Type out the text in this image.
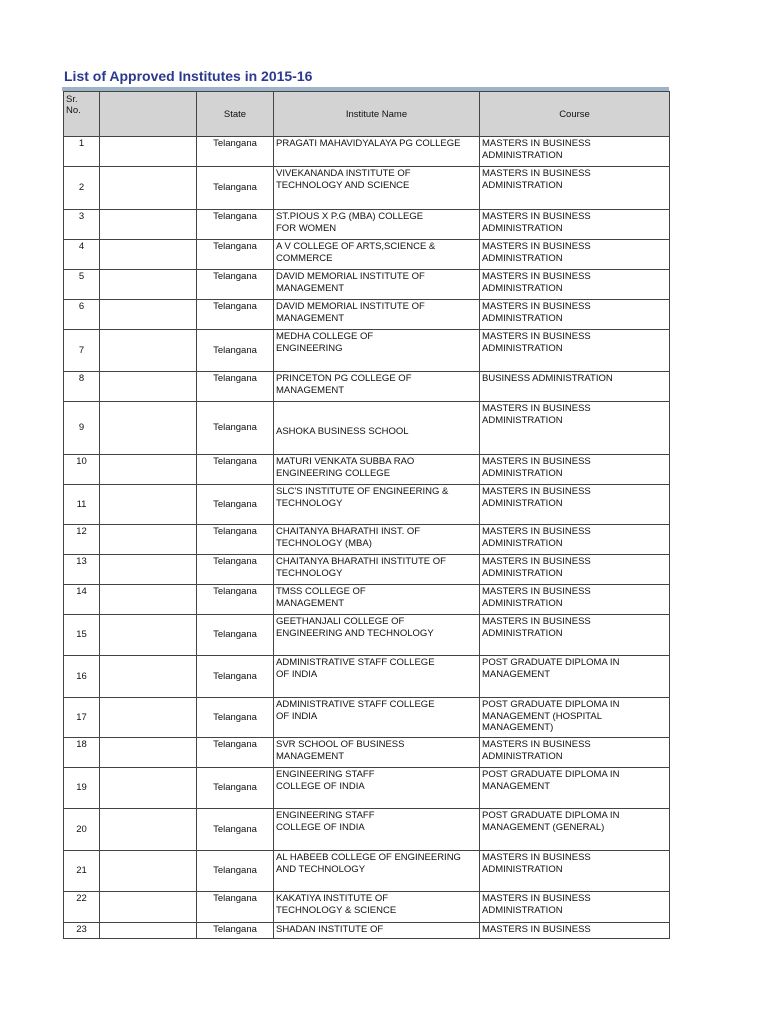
List of Approved Institutes in 2015-16
Sr.
No.		State	Institute Name	Course
1		Telangana	PRAGATI MAHAVIDYALAYA PG COLLEGE	MASTERS IN BUSINESS
ADMINISTRATION
2		Telangana	VIVEKANANDA INSTITUTE OF
TECHNOLOGY AND SCIENCE	MASTERS IN BUSINESS
ADMINISTRATION
3		Telangana	ST.PIOUS X P.G (MBA) COLLEGE
FOR WOMEN	MASTERS IN BUSINESS
ADMINISTRATION
4		Telangana	A V COLLEGE OF ARTS,SCIENCE &
COMMERCE	MASTERS IN BUSINESS
ADMINISTRATION
5		Telangana	DAVID MEMORIAL INSTITUTE OF
MANAGEMENT	MASTERS IN BUSINESS
ADMINISTRATION
6		Telangana	DAVID MEMORIAL INSTITUTE OF
MANAGEMENT	MASTERS IN BUSINESS
ADMINISTRATION
7		Telangana	MEDHA COLLEGE OF
ENGINEERING	MASTERS IN BUSINESS
ADMINISTRATION
8		Telangana	PRINCETON PG COLLEGE OF
MANAGEMENT	BUSINESS ADMINISTRATION
9		Telangana	

ASHOKA BUSINESS SCHOOL	MASTERS IN BUSINESS
ADMINISTRATION
10		Telangana	MATURI VENKATA SUBBA RAO
ENGINEERING COLLEGE	MASTERS IN BUSINESS
ADMINISTRATION
11		Telangana	SLC'S INSTITUTE OF ENGINEERING &
TECHNOLOGY	MASTERS IN BUSINESS
ADMINISTRATION
12		Telangana	CHAITANYA BHARATHI INST. OF
TECHNOLOGY (MBA)	MASTERS IN BUSINESS
ADMINISTRATION
13		Telangana	CHAITANYA BHARATHI INSTITUTE OF
TECHNOLOGY	MASTERS IN BUSINESS
ADMINISTRATION
14		Telangana	TMSS COLLEGE OF
MANAGEMENT	MASTERS IN BUSINESS
ADMINISTRATION
15		Telangana	GEETHANJALI COLLEGE OF
ENGINEERING AND TECHNOLOGY	MASTERS IN BUSINESS
ADMINISTRATION
16		Telangana	ADMINISTRATIVE STAFF COLLEGE
OF INDIA	POST GRADUATE DIPLOMA IN
MANAGEMENT
17		Telangana	ADMINISTRATIVE STAFF COLLEGE
OF INDIA	POST GRADUATE DIPLOMA IN
MANAGEMENT (HOSPITAL
MANAGEMENT)
18		Telangana	SVR SCHOOL OF BUSINESS
MANAGEMENT	MASTERS IN BUSINESS
ADMINISTRATION
19		Telangana	ENGINEERING STAFF
COLLEGE OF INDIA	POST GRADUATE DIPLOMA IN
MANAGEMENT
20		Telangana	ENGINEERING STAFF
COLLEGE OF INDIA	POST GRADUATE DIPLOMA IN
MANAGEMENT (GENERAL)
21		Telangana	AL HABEEB COLLEGE OF ENGINEERING
AND TECHNOLOGY	MASTERS IN BUSINESS
ADMINISTRATION
22		Telangana	KAKATIYA INSTITUTE OF
TECHNOLOGY & SCIENCE	MASTERS IN BUSINESS
ADMINISTRATION
23		Telangana	SHADAN INSTITUTE OF	MASTERS IN BUSINESS
